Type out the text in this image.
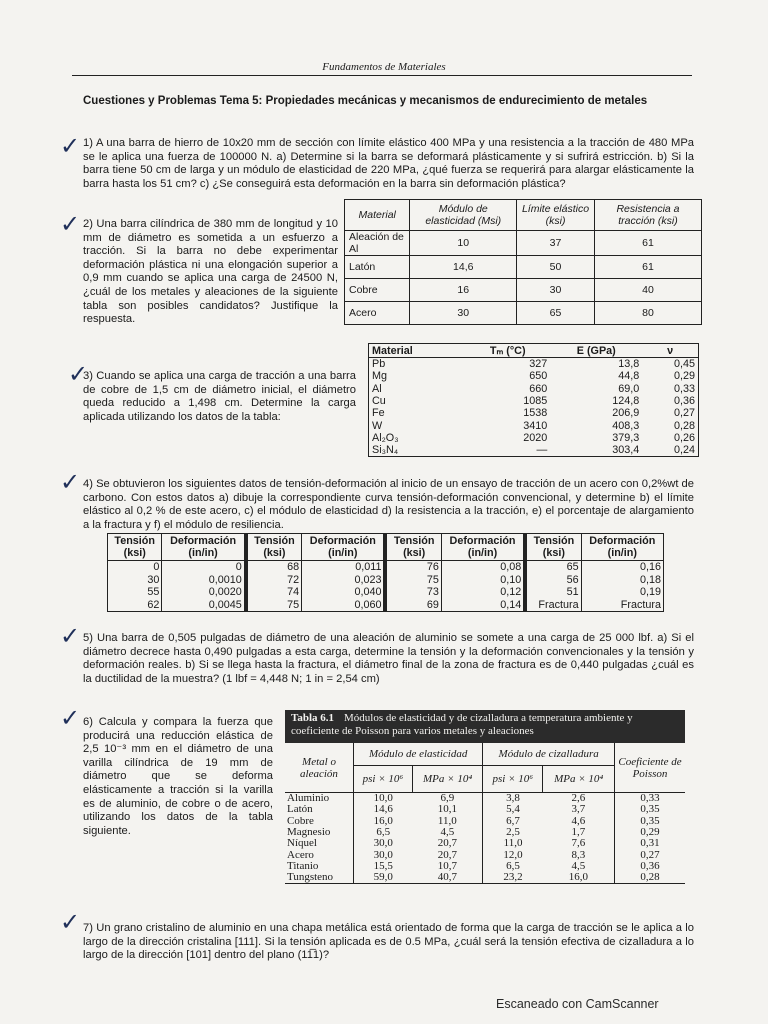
Fundamentos de Materiales
Cuestiones y Problemas Tema 5: Propiedades mecánicas y mecanismos de endurecimiento de metales
✓ 1) A una barra de hierro de 10x20 mm de sección con límite elástico 400 MPa y una resistencia a la tracción de 480 MPa se le aplica una fuerza de 100000 N. a) Determine si la barra se deformará plásticamente y si sufrirá estricción. b) Si la barra tiene 50 cm de larga y un módulo de elasticidad de 220 MPa, ¿qué fuerza se requerirá para alargar elásticamente la barra hasta los 51 cm? c) ¿Se conseguirá esta deformación en la barra sin deformación plástica?
✓ 2) Una barra cilíndrica de 380 mm de longitud y 10 mm de diámetro es sometida a un esfuerzo a tracción. Si la barra no debe experimentar deformación plástica ni una elongación superior a 0,9 mm cuando se aplica una carga de 24500 N, ¿cuál de los metales y aleaciones de la siguiente tabla son posibles candidatos? Justifique la respuesta.
Material	Módulo de elasticidad (Msi)	Límite elástico (ksi)	Resistencia a tracción (ksi)
Aleación de Al	10	37	61
Latón	14,6	50	61
Cobre	16	30	40
Acero	30	65	80
✓
3) Cuando se aplica una carga de tracción a una barra de cobre de 1,5 cm de diámetro inicial, el diámetro queda reducido a 1,498 cm. Determine la carga aplicada utilizando los datos de la tabla:
Material	Tₘ (°C)	E (GPa)	ν
Pb	327	13,8	0,45
Mg	650	44,8	0,29
Al	660	69,0	0,33
Cu	1085	124,8	0,36
Fe	1538	206,9	0,27
W	3410	408,3	0,28
Al₂O₃	2020	379,3	0,26
Si₃N₄	—	303,4	0,24
✓ 4) Se obtuvieron los siguientes datos de tensión-deformación al inicio de un ensayo de tracción de un acero con 0,2%wt de carbono. Con estos datos a) dibuje la correspondiente curva tensión-deformación convencional, y determine b) el límite elástico al 0,2 % de este acero, c) el módulo de elasticidad d) la resistencia a la tracción, e) el porcentaje de alargamiento a la fractura y f) el módulo de resiliencia.
Tensión (ksi)	Deformación (in/in)	Tensión (ksi)	Deformación (in/in)	Tensión (ksi)	Deformación (in/in)	Tensión (ksi)	Deformación (in/in)
0	0	68	0,011	76	0,08	65	0,16
30	0,0010	72	0,023	75	0,10	56	0,18
55	0,0020	74	0,040	73	0,12	51	0,19
62	0,0045	75	0,060	69	0,14	Fractura	Fractura
✓ 5) Una barra de 0,505 pulgadas de diámetro de una aleación de aluminio se somete a una carga de 25 000 lbf. a) Si el diámetro decrece hasta 0,490 pulgadas a esta carga, determine la tensión y la deformación convencionales y la tensión y deformación reales. b) Si se llega hasta la fractura, el diámetro final de la zona de fractura es de 0,440 pulgadas ¿cuál es la ductilidad de la muestra? (1 lbf = 4,448 N; 1 in = 2,54 cm)
✓ 6) Calcula y compara la fuerza que producirá una reducción elástica de 2,5 10⁻³ mm en el diámetro de una varilla cilíndrica de 19 mm de diámetro que se deforma elásticamente a tracción si la varilla es de aluminio, de cobre o de acero, utilizando los datos de la tabla siguiente.
Tabla 6.1 Módulos de elasticidad y de cizalladura a temperatura ambiente y coeficiente de Poisson para varios metales y aleaciones
Metal o aleación	Módulo de elasticidad		Módulo de cizalladura		Coeficiente de Poisson
	psi × 10⁶	MPa × 10⁴	psi × 10⁶	MPa × 10⁴	
Aluminio	10,0	6,9	3,8	2,6	0,33
Latón	14,6	10,1	5,4	3,7	0,35
Cobre	16,0	11,0	6,7	4,6	0,35
Magnesio	6,5	4,5	2,5	1,7	0,29
Níquel	30,0	20,7	11,0	7,6	0,31
Acero	30,0	20,7	12,0	8,3	0,27
Titanio	15,5	10,7	6,5	4,5	0,36
Tungsteno	59,0	40,7	23,2	16,0	0,28
✓ 7) Un grano cristalino de aluminio en una chapa metálica está orientado de forma que la carga de tracción se le aplica a lo largo de la dirección cristalina [111]. Si la tensión aplicada es de 0.5 MPa, ¿cuál será la tensión efectiva de cizalladura a lo largo de la dirección [101] dentro del plano (11̅1)?
Escaneado con CamScanner
